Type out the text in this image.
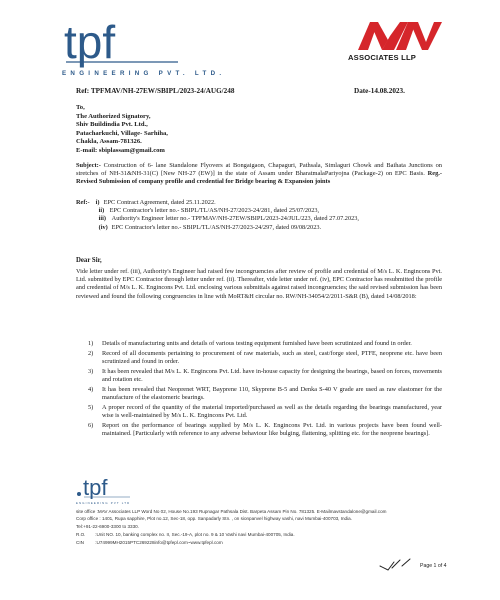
tpf
ENGINEERING PVT. LTD.
ASSOCIATES LLP
Ref: TPFMAV/NH-27EW/SBIPL/2023-24/AUG/248	Date-14.08.2023.
To,
The Authorized Signatory,
Shiv Buildindia Pvt. Ltd.,
Patacharkuchi, Village- Sarhiha,
Chakla, Assam-781326.
E-mail: sbiplassam@gmail.com
Subject:- Construction of 6- lane Standalone Flyovers at Bongaigaon, Chapaguri, Pathsala, Simlaguri Chowk and Baihata Junctions on stretches of NH-31&NH-31(C) [New NH-27 (EW)] in the state of Assam under BharatmalaPariyojna (Package-2) on EPC Basis. Reg.- Revised Submission of company profile and credential for Bridge bearing & Expansion joints
Ref:- i) EPC Contract Agreement, dated 25.11.2022.
ii) EPC Contractor's letter no.- SBIPL/TL/AS/NH-27/2023-24/281, dated 25/07/2023,
iii) Authority's Engineer letter no.- TPFMAV/NH-27EW/SBIPL/2023-24/JUL/223, dated 27.07.2023,
(iv) EPC Contractor's letter no.- SBIPL/TL/AS/NH-27/2023-24/297, dated 09/08/2023.
Dear Sir,
Vide letter under ref. (iii), Authority's Engineer had raised few incongruencies after review of profile and credential of M/s L. K. Engincons Pvt. Ltd. submitted by EPC Contractor through letter under ref. (ii). Thereafter, vide letter under ref. (iv), EPC Contractor has resubmitted the profile and credential of M/s L. K. Engincons Pvt. Ltd. enclosing various submittals against raised incongruencies; the said revised submission has been reviewed and found the following congruencies in line with MoRT&H circular no. RW/NH-34054/2/2011-S&R (B), dated 14/08/2018:
1)	Details of manufacturing units and details of various testing equipment furnished have been scrutinized and found in order.
2)	Record of all documents pertaining to procurement of raw materials, such as steel, cast/forge steel, PTFE, neoprene etc. have been scrutinized and found in order.
3)	It has been revealed that M/s L. K. Engincons Pvt. Ltd. have in-house capacity for designing the bearings, based on forces, movements and rotation etc.
4)	It has been revealed that Neoprenet WRT, Bayprene 110, Skyprene B-5 and Denka S-40 V grade are used as raw elastomer for the manufacture of the elastomeric bearings.
5)	A proper record of the quantity of the material imported/purchased as well as the details regarding the bearings manufactured, year wise is well-maintained by M/s L. K. Engincons Pvt. Ltd.
6)	Report on the performance of bearings supplied by M/s L. K. Engincons Pvt. Ltd. in various projects have been found well-maintained. [Particularly with reference to any adverse behaviour like bulging, flattening, splitting etc. for the neoprene bearings].
tpf
ENGINEERING PVT LTD
site office :MAV Associates LLP Word No 02, House No.193 Rupnagar Pathsala Dist. Barpeta Assam Pin No. 781325. E-Mailmavstandalone@gmail.com
Corp office : 1401, Rupa sapphire, Plot no.12, Sec-18, opp. Sanpadarly Stn. , on sionpanvel highway vashi, navi Mumbai-400703, India.
Tel:+91-22-6900-3300 to 3330.
R.O. :Unit NO. 10, banking complex no. II, Sec.-19-A, plot no. 9 & 10 Vashi navi Mumbai-400705, India.
CIN :U74999MH2015PTC269228info@tpfepl.com~www.tpfepl.com
Page 1 of 4
